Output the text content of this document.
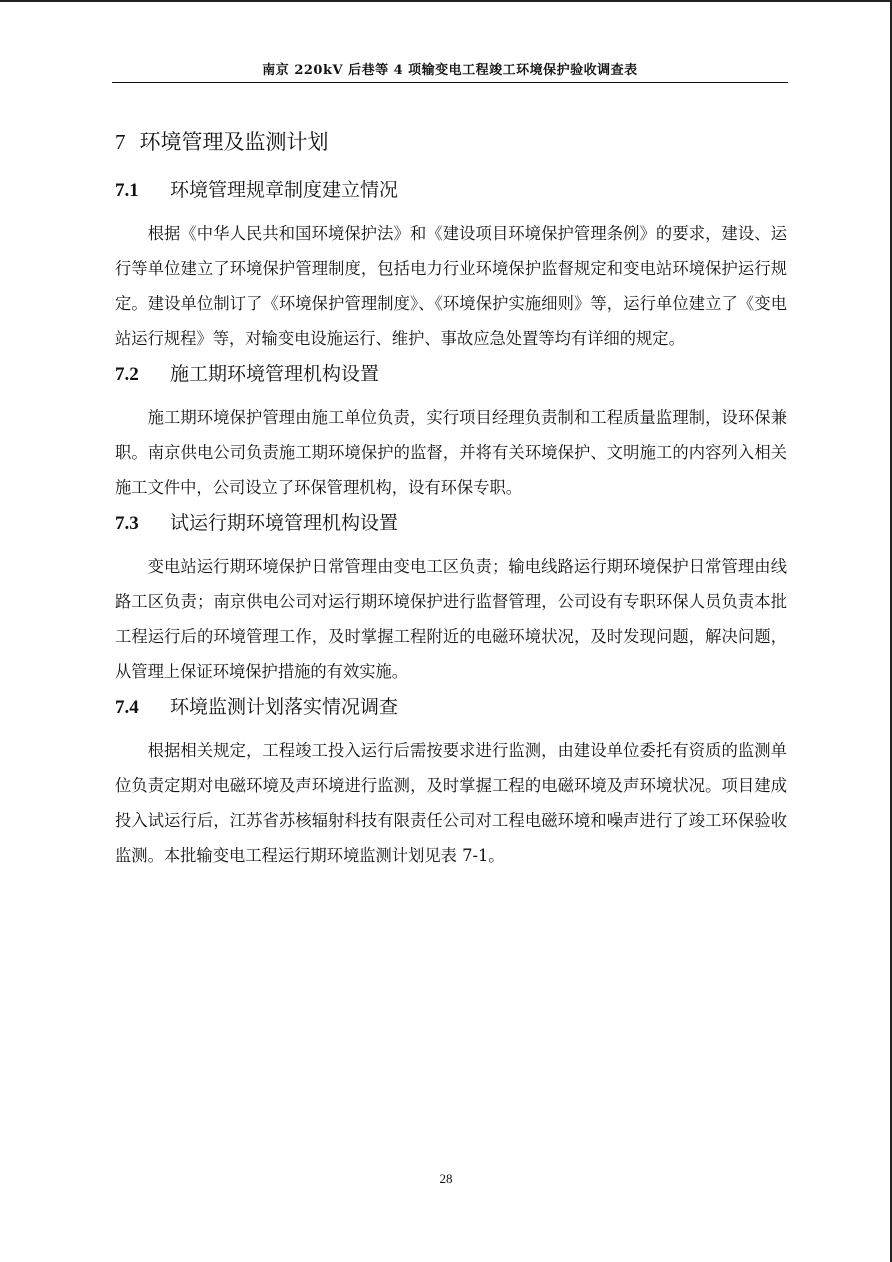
南京 220kV 后巷等 4 项输变电工程竣工环境保护验收调查表
7 环境管理及监测计划
7.1 环境管理规章制度建立情况

根据《中华人民共和国环境保护法》和《建设项目环境保护管理条例》的要求，建设、运行等单位建立了环境保护管理制度，包括电力行业环境保护监督规定和变电站环境保护运行规定。建设单位制订了《环境保护管理制度》、《环境保护实施细则》等，运行单位建立了《变电站运行规程》等，对输变电设施运行、维护、事故应急处置等均有详细的规定。

7.2 施工期环境管理机构设置

施工期环境保护管理由施工单位负责，实行项目经理负责制和工程质量监理制，设环保兼职。南京供电公司负责施工期环境保护的监督，并将有关环境保护、文明施工的内容列入相关施工文件中，公司设立了环保管理机构，设有环保专职。

7.3 试运行期环境管理机构设置

变电站运行期环境保护日常管理由变电工区负责；输电线路运行期环境保护日常管理由线路工区负责；南京供电公司对运行期环境保护进行监督管理，公司设有专职环保人员负责本批工程运行后的环境管理工作，及时掌握工程附近的电磁环境状况，及时发现问题，解决问题，从管理上保证环境保护措施的有效实施。

7.4 环境监测计划落实情况调查

根据相关规定，工程竣工投入运行后需按要求进行监测，由建设单位委托有资质的监测单位负责定期对电磁环境及声环境进行监测，及时掌握工程的电磁环境及声环境状况。项目建成投入试运行后，江苏省苏核辐射科技有限责任公司对工程电磁环境和噪声进行了竣工环保验收监测。本批输变电工程运行期环境监测计划见表 7-1。

28
